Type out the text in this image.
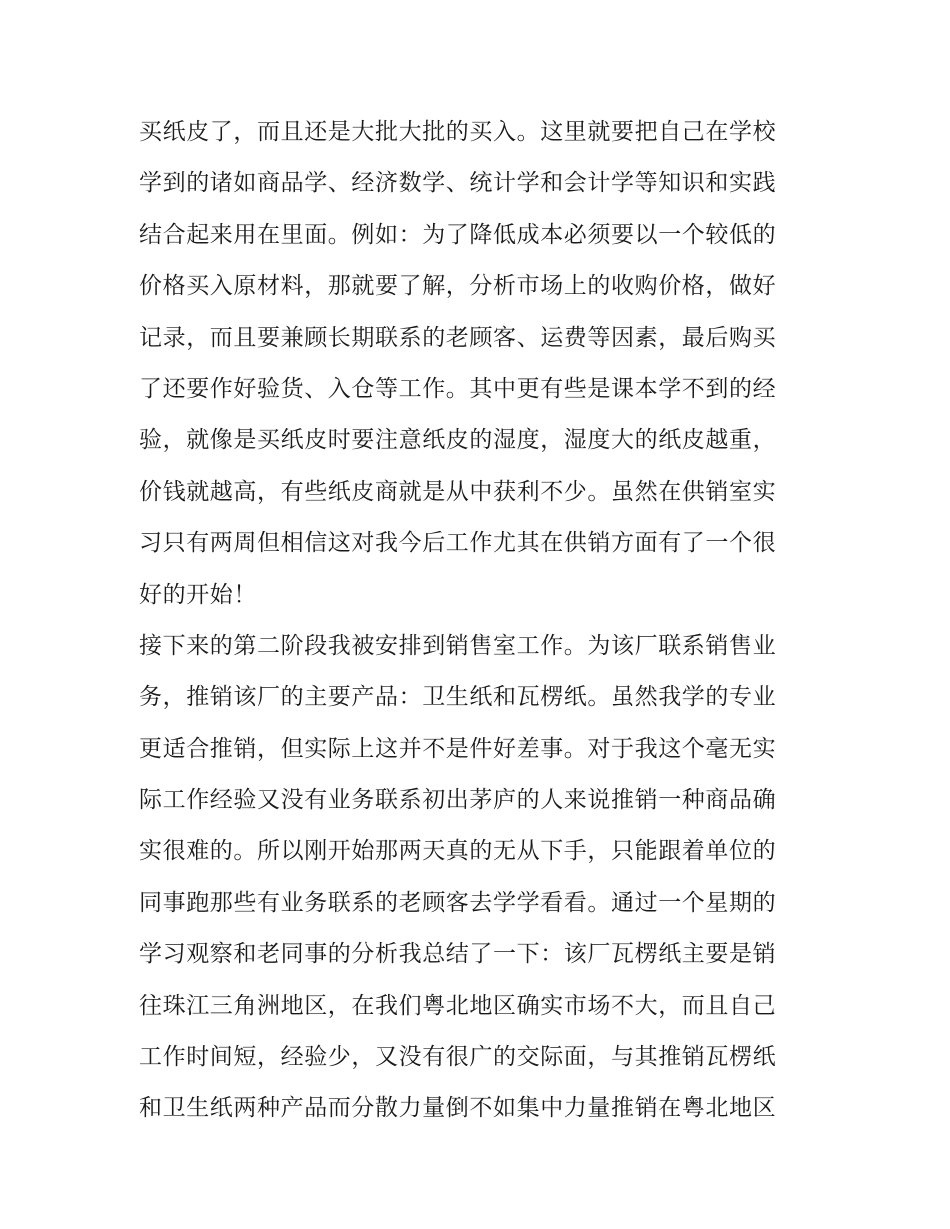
买纸皮了，而且还是大批大批的买入。这里就要把自己在学校
学到的诸如商品学、经济数学、统计学和会计学等知识和实践
结合起来用在里面。例如：为了降低成本必须要以一个较低的
价格买入原材料，那就要了解，分析市场上的收购价格，做好
记录，而且要兼顾长期联系的老顾客、运费等因素，最后购买
了还要作好验货、入仓等工作。其中更有些是课本学不到的经
验，就像是买纸皮时要注意纸皮的湿度，湿度大的纸皮越重，
价钱就越高，有些纸皮商就是从中获利不少。虽然在供销室实
习只有两周但相信这对我今后工作尤其在供销方面有了一个很
好的开始！
接下来的第二阶段我被安排到销售室工作。为该厂联系销售业
务，推销该厂的主要产品：卫生纸和瓦楞纸。虽然我学的专业
更适合推销，但实际上这并不是件好差事。对于我这个毫无实
际工作经验又没有业务联系初出茅庐的人来说推销一种商品确
实很难的。所以刚开始那两天真的无从下手，只能跟着单位的
同事跑那些有业务联系的老顾客去学学看看。通过一个星期的
学习观察和老同事的分析我总结了一下：该厂瓦楞纸主要是销
往珠江三角洲地区，在我们粤北地区确实市场不大，而且自己
工作时间短，经验少，又没有很广的交际面，与其推销瓦楞纸
和卫生纸两种产品而分散力量倒不如集中力量推销在粤北地区
